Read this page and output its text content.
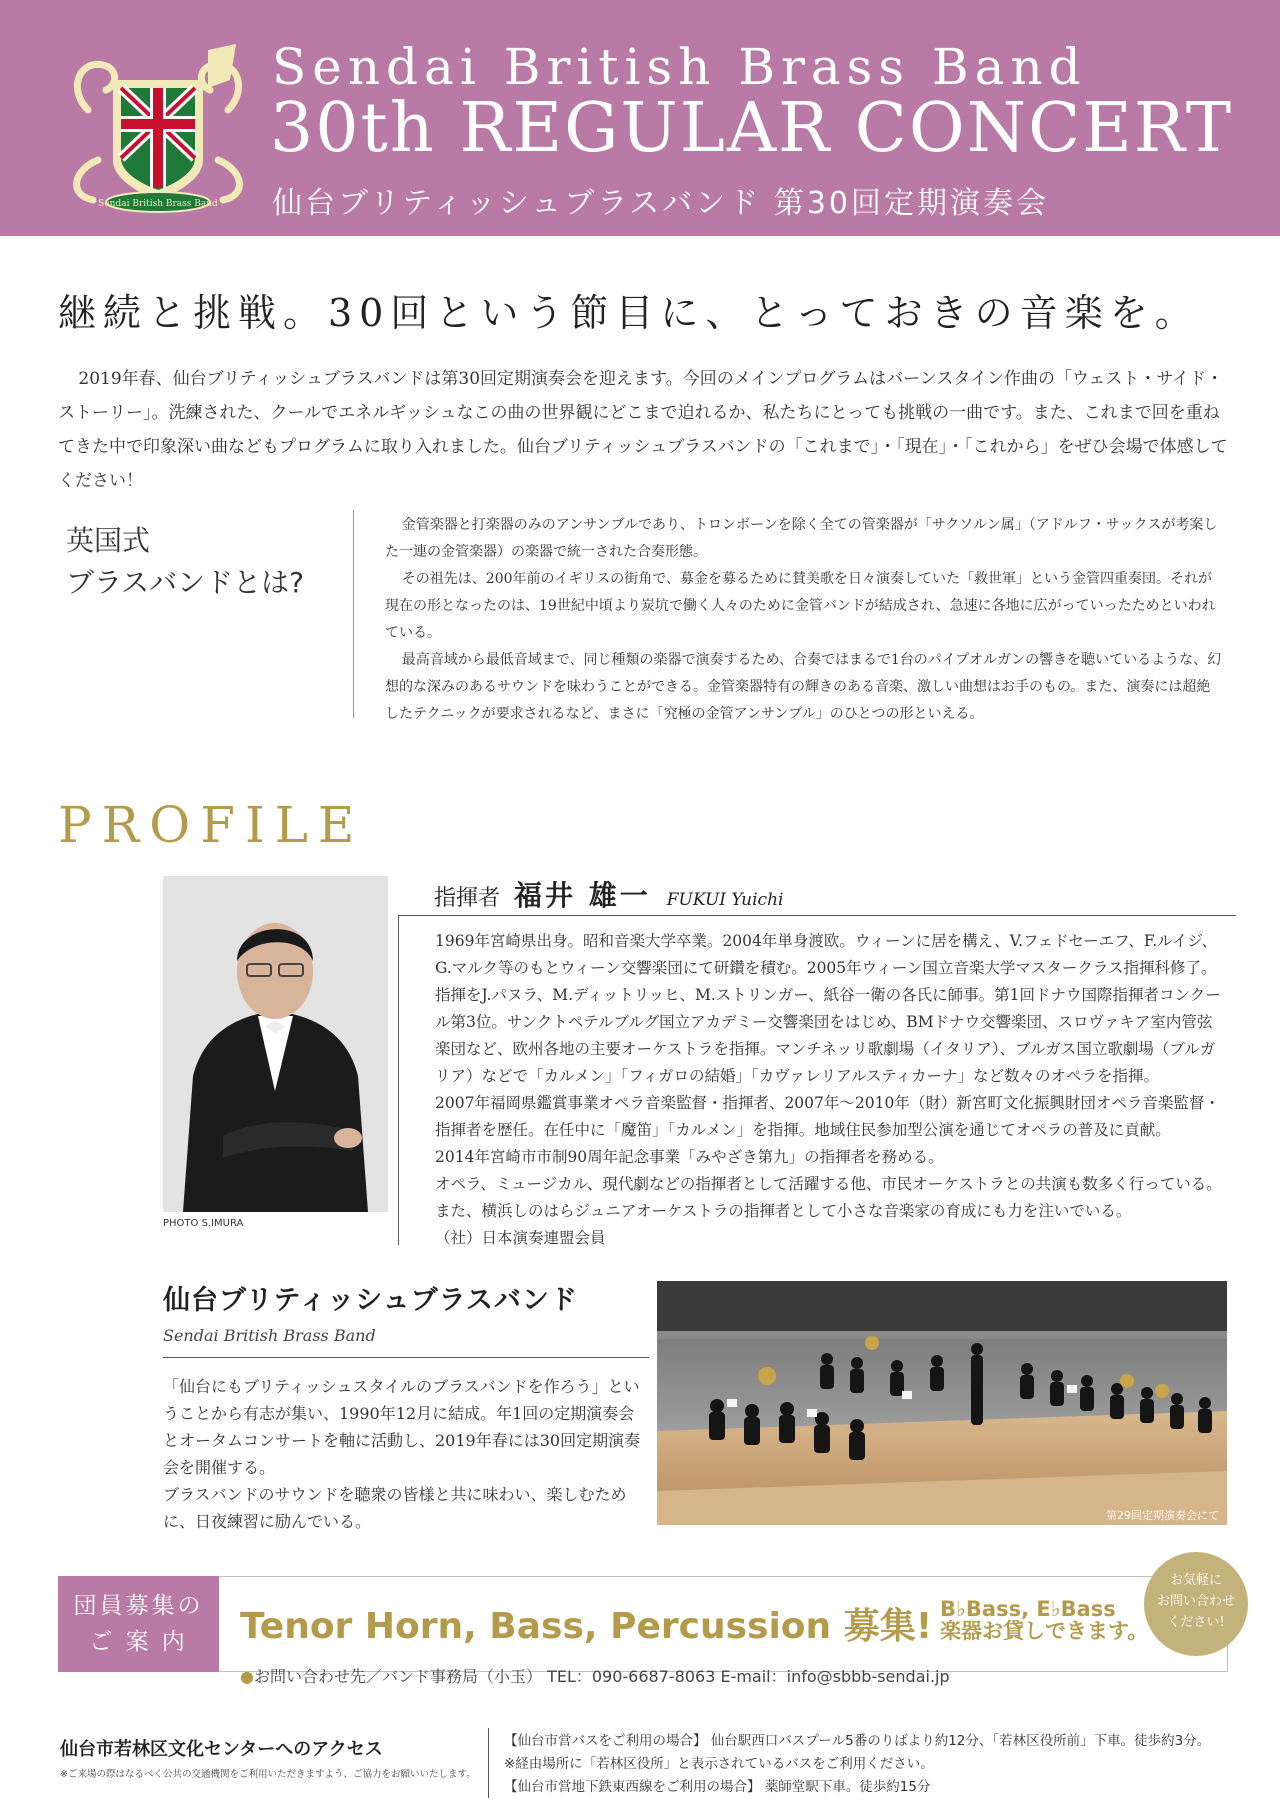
Sendai British Brass Band
Sendai British Brass Band
30th REGULAR CONCERT
仙台ブリティッシュブラスバンド 第30回定期演奏会
継続と挑戦。30回という節目に、とっておきの音楽を。
2019年春、仙台ブリティッシュブラスバンドは第30回定期演奏会を迎えます。今回のメインプログラムはバーンスタイン作曲の「ウェスト・サイド・ストーリー」。洗練された、クールでエネルギッシュなこの曲の世界観にどこまで迫れるか、私たちにとっても挑戦の一曲です。また、これまで回を重ねてきた中で印象深い曲などもプログラムに取り入れました。仙台ブリティッシュブラスバンドの「これまで」・「現在」・「これから」をぜひ会場で体感してください！
英国式
ブラスバンドとは?

金管楽器と打楽器のみのアンサンブルであり、トロンボーンを除く全ての管楽器が「サクソルン属」（アドルフ・サックスが考案した一連の金管楽器）の楽器で統一された合奏形態。

その祖先は、200年前のイギリスの街角で、募金を募るために賛美歌を日々演奏していた「救世軍」という金管四重奏団。それが現在の形となったのは、19世紀中頃より炭坑で働く人々のために金管バンドが結成され、急速に各地に広がっていったためといわれている。

最高音域から最低音域まで、同じ種類の楽器で演奏するため、合奏ではまるで1台のパイプオルガンの響きを聴いているような、幻想的な深みのあるサウンドを味わうことができる。金管楽器特有の輝きのある音楽、激しい曲想はお手のもの。また、演奏には超絶したテクニックが要求されるなど、まさに「究極の金管アンサンブル」のひとつの形といえる。

PROFILE
PHOTO S.IMURA
指揮者 福井 雄一 FUKUI Yuichi
1969年宮崎県出身。昭和音楽大学卒業。2004年単身渡欧。ウィーンに居を構え、V.フェドセーエフ、F.ルイジ、G.マルク等のもとウィーン交響楽団にて研鑽を積む。2005年ウィーン国立音楽大学マスタークラス指揮科修了。指揮をJ.パヌラ、M.ディットリッヒ、M.ストリンガー、紙谷一衛の各氏に師事。第1回ドナウ国際指揮者コンクール第3位。サンクトペテルブルグ国立アカデミー交響楽団をはじめ、BMドナウ交響楽団、スロヴァキア室内管弦楽団など、欧州各地の主要オーケストラを指揮。マンチネッリ歌劇場（イタリア）、ブルガス国立歌劇場（ブルガリア）などで「カルメン」「フィガロの結婚」「カヴァレリアルスティカーナ」など数々のオペラを指揮。
2007年福岡県鑑賞事業オペラ音楽監督・指揮者、2007年～2010年（財）新宮町文化振興財団オペラ音楽監督・指揮者を歴任。在任中に「魔笛」「カルメン」を指揮。地域住民参加型公演を通じてオペラの普及に貢献。
2014年宮崎市市制90周年記念事業「みやざき第九」の指揮者を務める。
オペラ、ミュージカル、現代劇などの指揮者として活躍する他、市民オーケストラとの共演も数多く行っている。また、横浜しのはらジュニアオーケストラの指揮者として小さな音楽家の育成にも力を注いでいる。
（社）日本演奏連盟会員
仙台ブリティッシュブラスバンド
Sendai British Brass Band
「仙台にもブリティッシュスタイルのブラスバンドを作ろう」ということから有志が集い、1990年12月に結成。年1回の定期演奏会とオータムコンサートを軸に活動し、2019年春には30回定期演奏会を開催する。
ブラスバンドのサウンドを聴衆の皆様と共に味わい、楽しむために、日夜練習に励んでいる。	第29回定期演奏会にて
団員募集の
ご 案 内	Tenor Horn, Bass, Percussion 募集! B♭Bass, E♭Bass
楽器お貸しできます。
●お問い合わせ先／バンド事務局（小玉） TEL：090-6687-8063 E-mail：info@sbbb-sendai.jp
お気軽に
お問い合わせ
ください!
仙台市若林区文化センターへのアクセス
※ご来場の際はなるべく公共の交通機関をご利用いただきますよう、ご協力をお願いいたします。
【仙台市営バスをご利用の場合】 仙台駅西口バスプール5番のりばより約12分、「若林区役所前」下車。徒歩約3分。
※経由場所に「若林区役所」と表示されているバスをご利用ください。
【仙台市営地下鉄東西線をご利用の場合】 薬師堂駅下車。徒歩約15分
